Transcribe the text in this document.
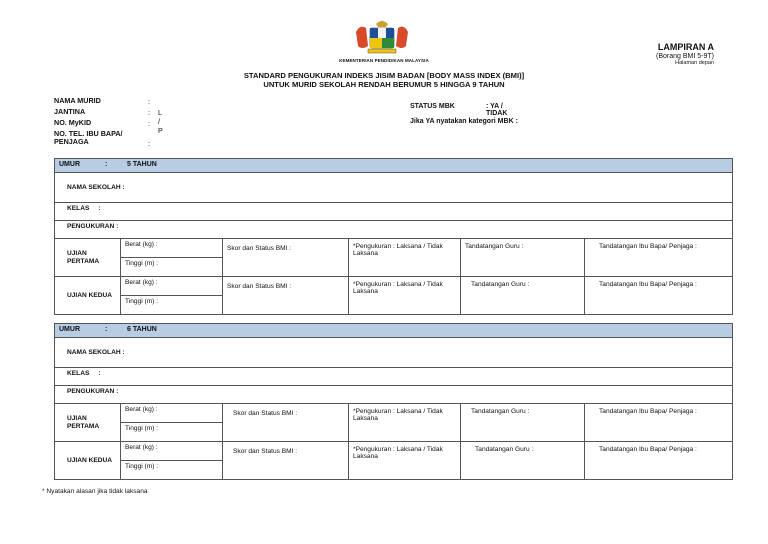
KEMENTERIAN PENDIDIKAN MALAYSIA
LAMPIRAN A
(Borang BMI 5-9T)
Halaman depan
STANDARD PENGUKURAN INDEKS JISIM BADAN [BODY MASS INDEX (BMI)]
UNTUK MURID SEKOLAH RENDAH BERUMUR 5 HINGGA 9 TAHUN
NAMA MURID	:
JANTINA	: L / P
NO. MyKID	:
NO. TEL. IBU BAPA/ PENJAGA	:
STATUS MBK	: YA / TIDAK
Jika YA nyatakan kategori MBK :
UMUR : 5 TAHUN					
NAMA SEKOLAH :					
KELAS     :					
PENGUKURAN :					
UJIAN PERTAMA	Berat (kg) :	Skor dan Status BMI :	*Pengukuran : Laksana / Tidak Laksana	Tandatangan Guru :	Tandatangan Ibu Bapa/ Penjaga :
	Tinggi (m) :				
UJIAN KEDUA	Berat (kg) :	Skor dan Status BMI :	*Pengukuran : Laksana / Tidak Laksana	Tandatangan Guru :	Tandatangan Ibu Bapa/ Penjaga :
	Tinggi (m) :				
UMUR : 6 TAHUN					
NAMA SEKOLAH :					
KELAS     :					
PENGUKURAN :					
UJIAN PERTAMA	Berat (kg) :	Skor dan Status BMI :	*Pengukuran : Laksana / Tidak Laksana	Tandatangan Guru :	Tandatangan Ibu Bapa/ Penjaga :
	Tinggi (m) :				
UJIAN KEDUA	Berat (kg) :	Skor dan Status BMI :	*Pengukuran : Laksana / Tidak Laksana	Tandatangan Guru :	Tandatangan Ibu Bapa/ Penjaga :
	Tinggi (m) :				
* Nyatakan alasan jika tidak laksana
